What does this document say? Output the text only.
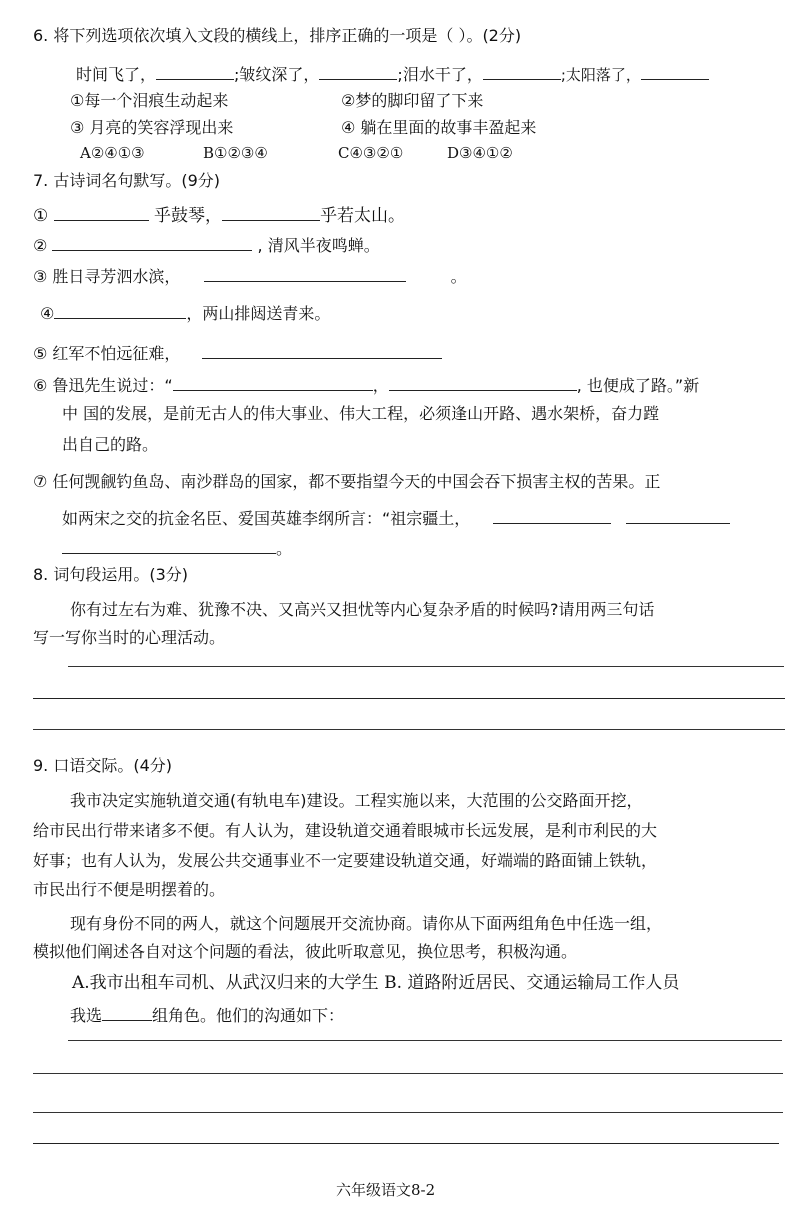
6. 将下列选项依次填入文段的横线上，排序正确的一项是（ ）。(2分)
时间飞了，	;皱纹深了，	;泪水干了，	;太阳落了，
①每一个泪痕生动起来	②梦的脚印留了下来
③ 月亮的笑容浮现出来	④ 躺在里面的故事丰盈起来
A②④①③	B①②③④	C④③②①	D③④①②
7. 古诗词名句默写。(9分)
①	乎鼓琴，	乎若太山。
②	, 清风半夜鸣蝉。
③ 胜日寻芳泗水滨，	。
④	，两山排闼送青来。
⑤ 红军不怕远征难，
⑥ 鲁迅先生说过：“	，	, 也便成了路。”新
中 国的发展，是前无古人的伟大事业、伟大工程，必须逢山开路、遇水架桥，奋力蹚
出自己的路。
⑦ 任何觊觎钓鱼岛、南沙群岛的国家，都不要指望今天的中国会吞下损害主权的苦果。正
如两宋之交的抗金名臣、爱国英雄李纲所言：“祖宗疆土，
。
8. 词句段运用。(3分)
你有过左右为难、犹豫不决、又高兴又担忧等内心复杂矛盾的时候吗?请用两三句话
写一写你当时的心理活动。
9. 口语交际。(4分)
我市决定实施轨道交通(有轨电车)建设。工程实施以来，大范围的公交路面开挖，
给市民出行带来诸多不便。有人认为，建设轨道交通着眼城市长远发展，是利市利民的大
好事；也有人认为，发展公共交通事业不一定要建设轨道交通，好端端的路面铺上铁轨，
市民出行不便是明摆着的。
现有身份不同的两人，就这个问题展开交流协商。请你从下面两组角色中任选一组，
模拟他们阐述各自对这个问题的看法，彼此听取意见，换位思考，积极沟通。
A.我市出租车司机、从武汉归来的大学生 B. 道路附近居民、交通运输局工作人员
我选	组角色。他们的沟通如下：
六年级语文8-2
